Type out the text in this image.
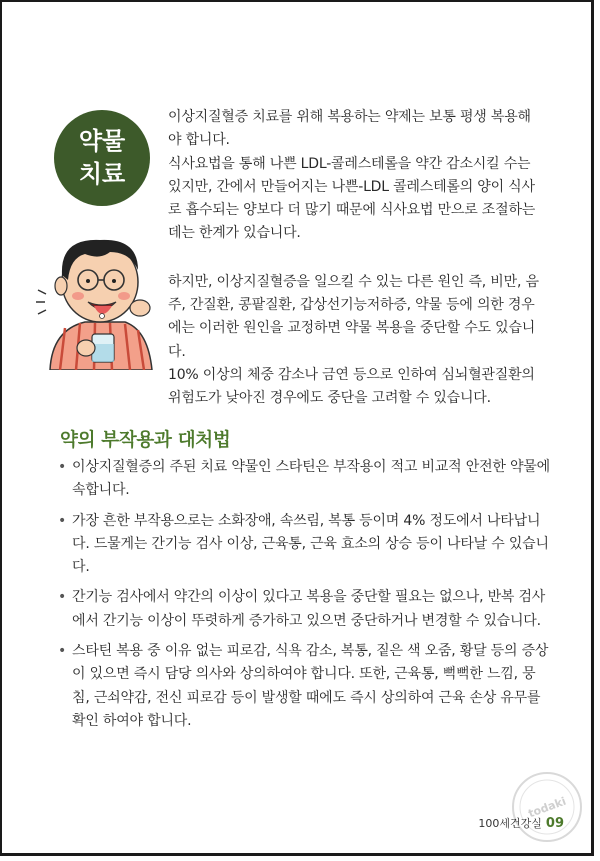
약물
치료

이상지질혈증 치료를 위해 복용하는 약제는 보통 평생 복용해야 합니다.

식사요법을 통해 나쁜 LDL-콜레스테롤을 약간 감소시킬 수는 있지만, 간에서 만들어지는 나쁜-LDL 콜레스테롤의 양이 식사로 흡수되는 양보다 더 많기 때문에 식사요법 만으로 조절하는 데는 한계가 있습니다.

하지만, 이상지질혈증을 일으킬 수 있는 다른 원인 즉, 비만, 음주, 간질환, 콩팥질환, 갑상선기능저하증, 약물 등에 의한 경우에는 이러한 원인을 교정하면 약물 복용을 중단할 수도 있습니다.

10% 이상의 체중 감소나 금연 등으로 인하여 심뇌혈관질환의 위험도가 낮아진 경우에도 중단을 고려할 수 있습니다.

약의 부작용과 대처법
• 이상지질혈증의 주된 치료 약물인 스타틴은 부작용이 적고 비교적 안전한 약물에 속합니다.
• 가장 흔한 부작용으로는 소화장애, 속쓰림, 복통 등이며 4% 정도에서 나타납니다. 드물게는 간기능 검사 이상, 근육통, 근육 효소의 상승 등이 나타날 수 있습니다.
• 간기능 검사에서 약간의 이상이 있다고 복용을 중단할 필요는 없으나, 반복 검사에서 간기능 이상이 뚜렷하게 증가하고 있으면 중단하거나 변경할 수 있습니다.
• 스타틴 복용 중 이유 없는 피로감, 식욕 감소, 복통, 짙은 색 오줌, 황달 등의 증상이 있으면 즉시 담당 의사와 상의하여야 합니다. 또한, 근육통, 뻑뻑한 느낌, 뭉침, 근쇠약감, 전신 피로감 등이 발생할 때에도 즉시 상의하여 근육 손상 유무를 확인 하여야 합니다.
todaki
100세건강실 09
